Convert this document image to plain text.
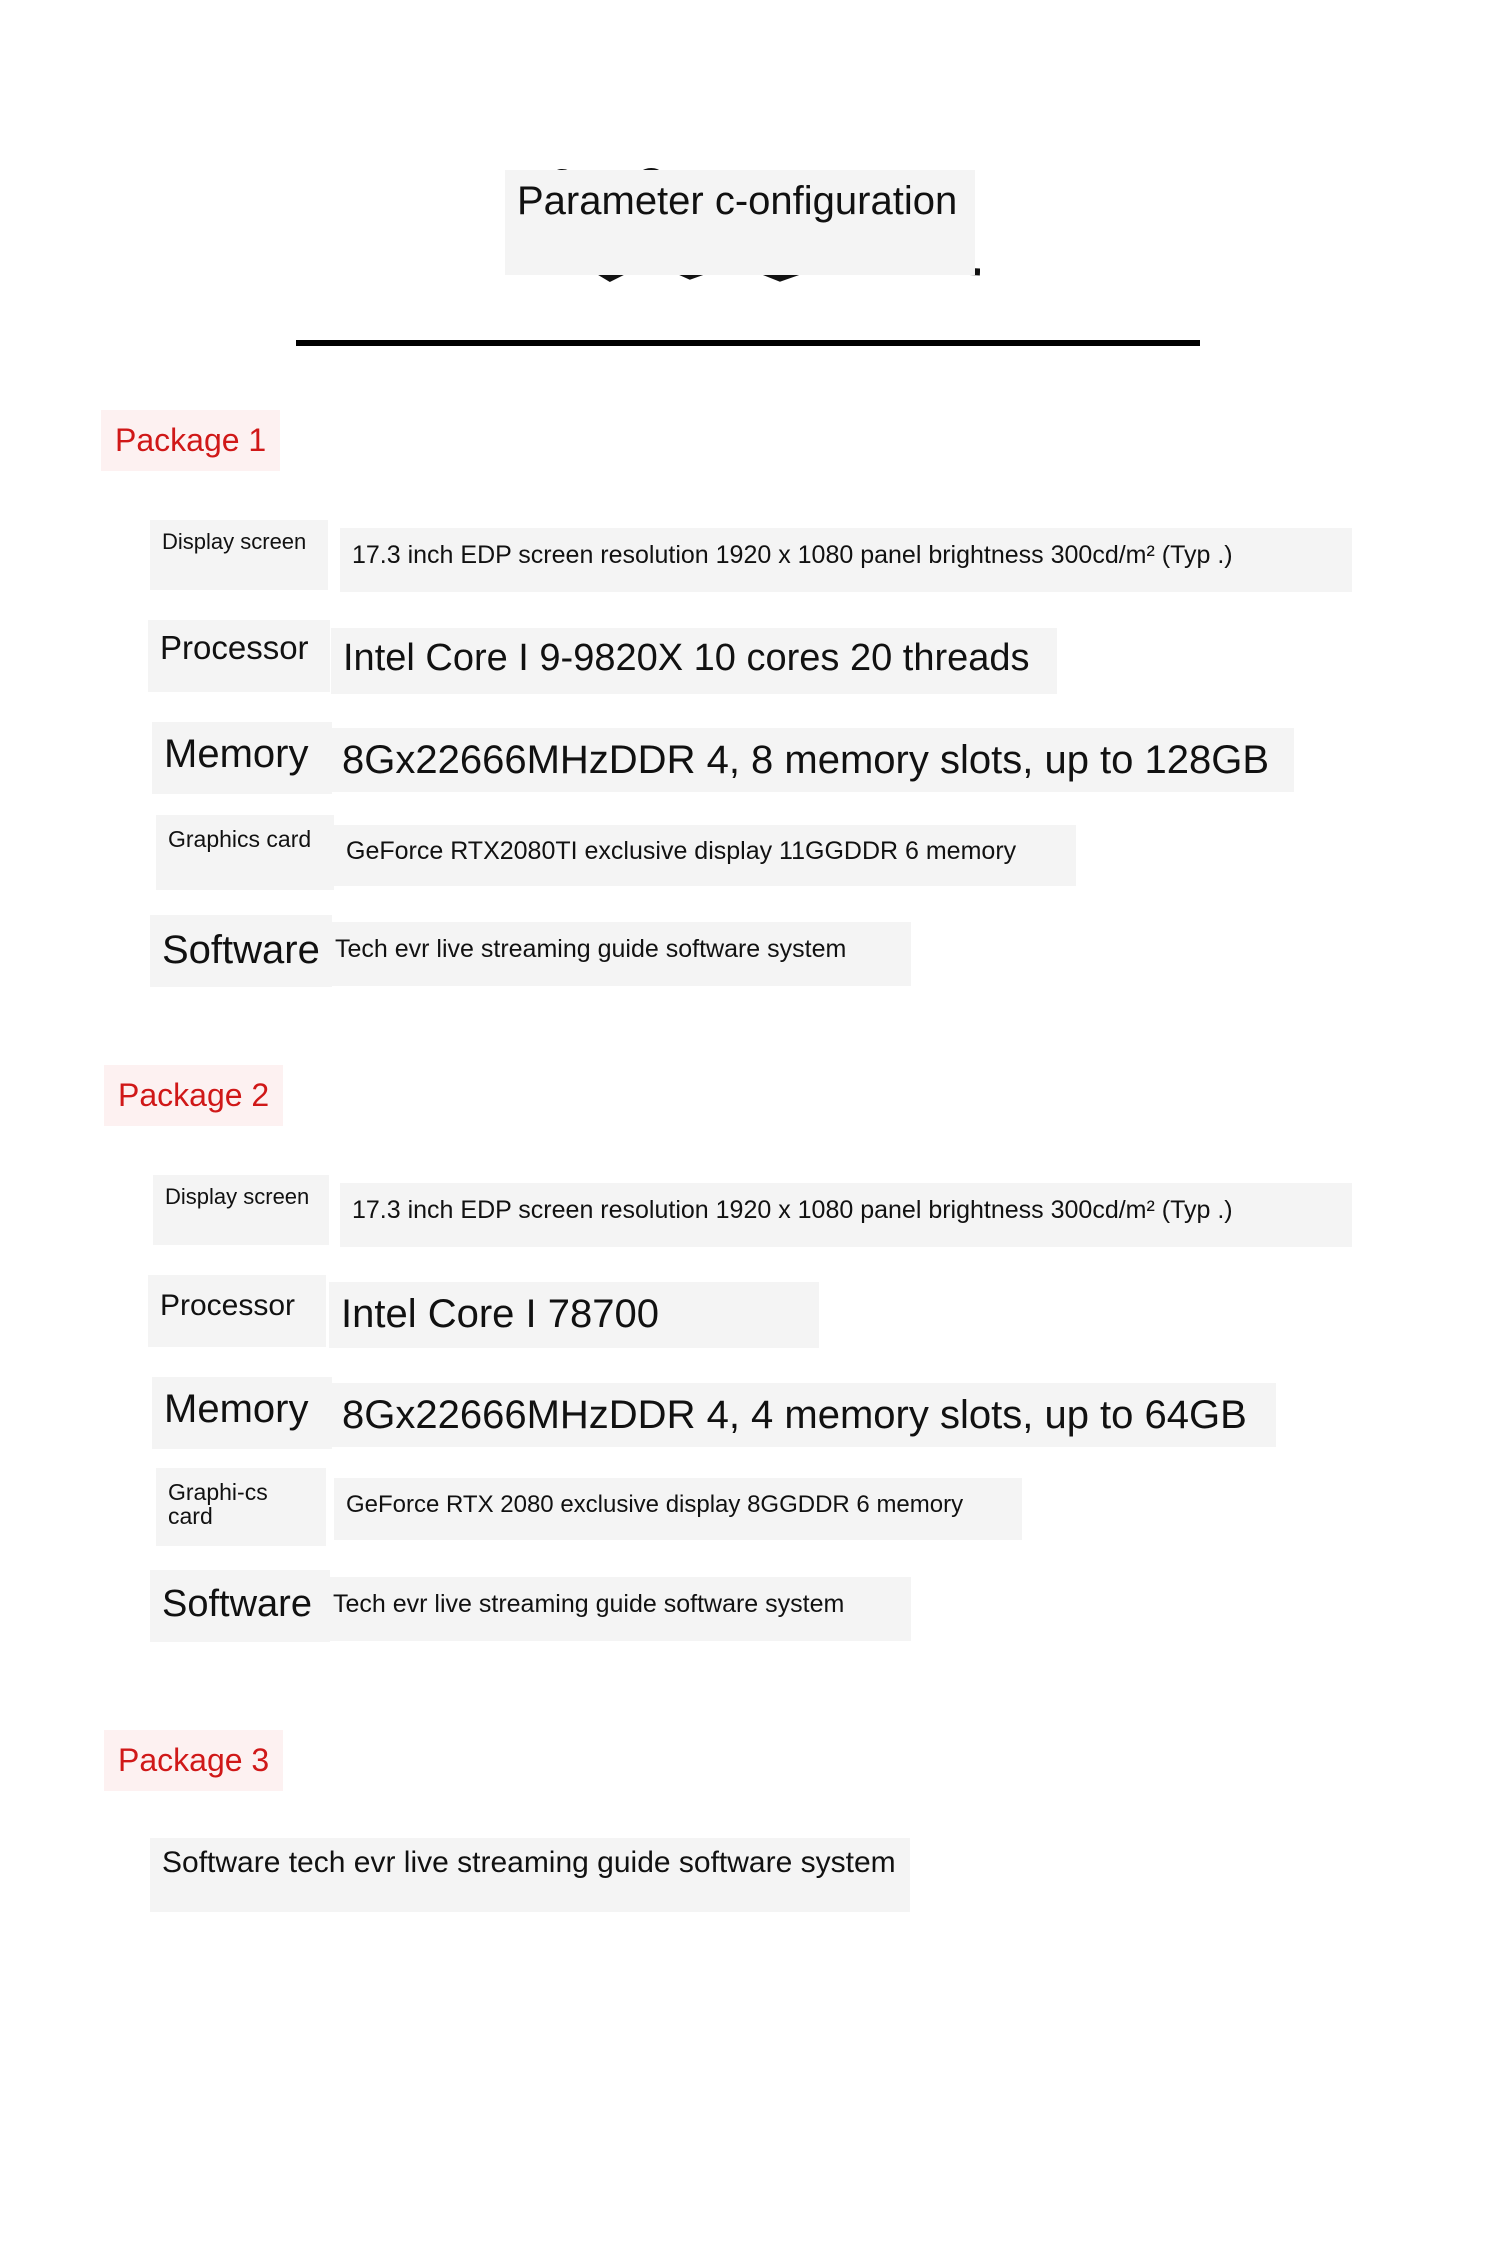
Parameter c-onfiguration
Package 1
Display screen	17.3 inch EDP screen resolution 1920 x 1080 panel brightness 300cd/m² (Typ .)
Processor Intel Core I 9-9820X 10 cores 20 threads
Memory 8Gx22666MHzDDR 4, 8 memory slots, up to 128GB
Graphics card	GeForce RTX2080TI exclusive display 11GGDDR 6 memory
Software Tech evr live streaming guide software system
Package 2
Display screen	17.3 inch EDP screen resolution 1920 x 1080 panel brightness 300cd/m² (Typ .)
Processor	Intel Core I 78700
Memory 8Gx22666MHzDDR 4, 4 memory slots, up to 64GB
Graphi-cs card	GeForce RTX 2080 exclusive display 8GGDDR 6 memory
Software Tech evr live streaming guide software system
Package 3
Software tech evr live streaming guide software system
